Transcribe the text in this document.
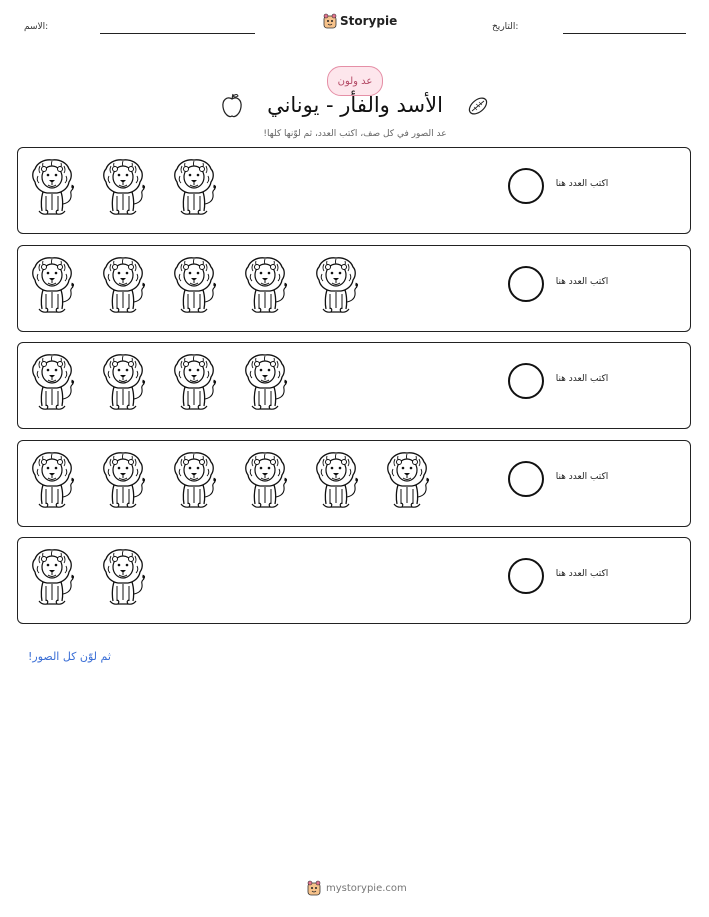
الاسم:	Storypie	التاريخ:
عد ولون
الأسد والفأر - يوناني
عد الصور في كل صف، اكتب العدد، ثم لوّنها كلها!
اكتب العدد هنا
اكتب العدد هنا
اكتب العدد هنا
اكتب العدد هنا
اكتب العدد هنا
ثم لوّن كل الصور!
mystorypie.com
